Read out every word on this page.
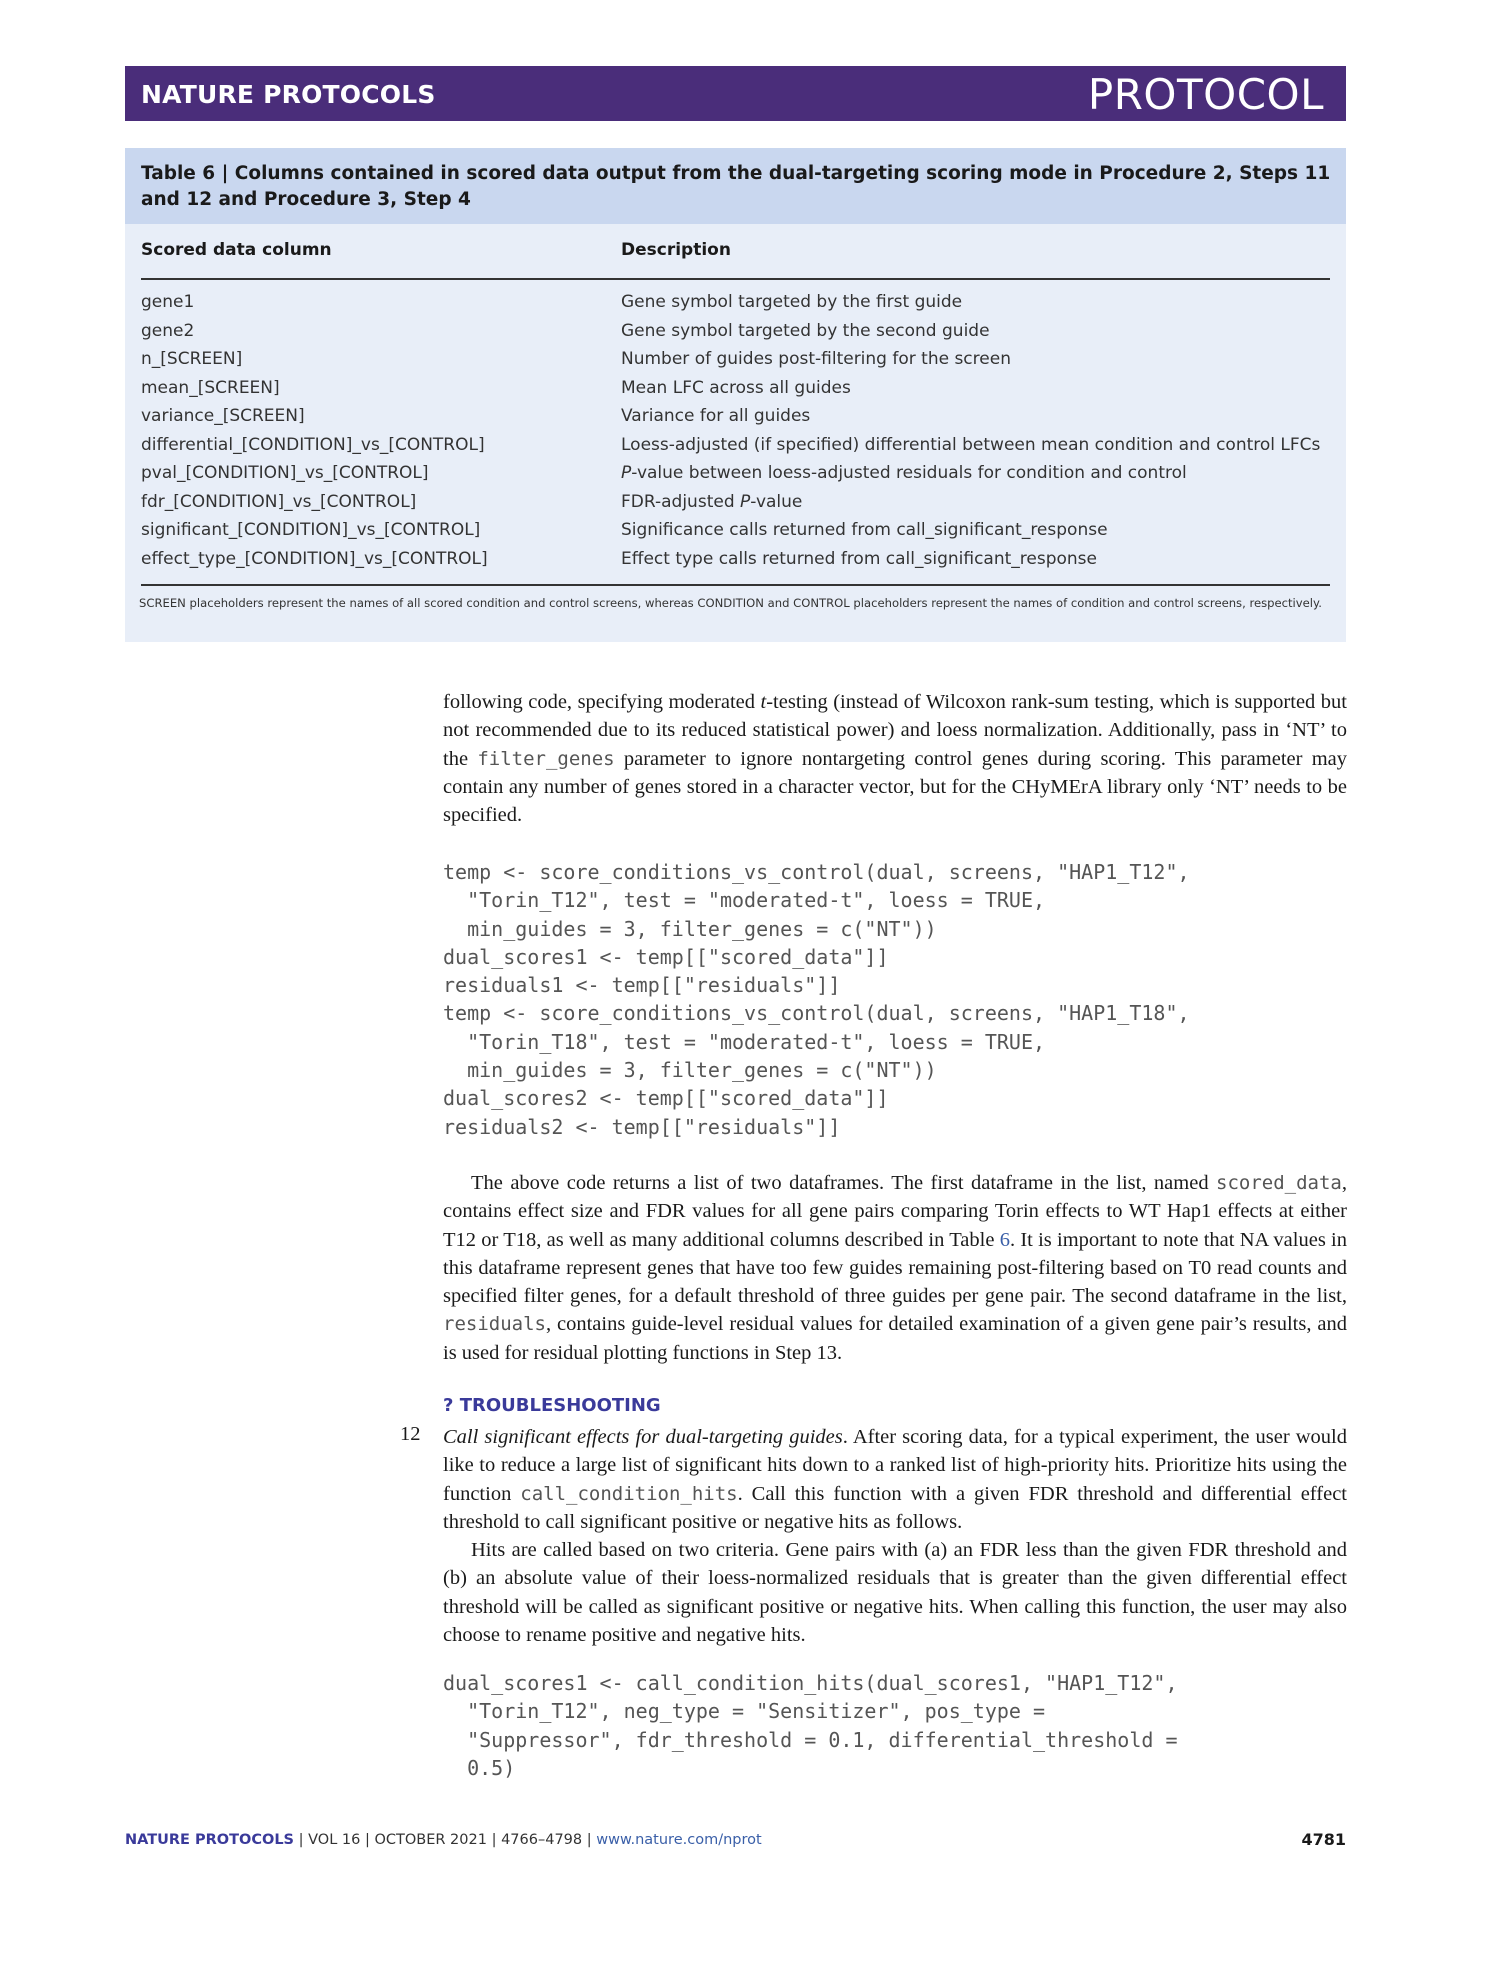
NATURE PROTOCOLS	PROTOCOL
Table 6 | Columns contained in scored data output from the dual-targeting scoring mode in Procedure 2, Steps 11 and 12 and Procedure 3, Step 4
Scored data column	Description
gene1	Gene symbol targeted by the first guide
gene2	Gene symbol targeted by the second guide
n_[SCREEN]	Number of guides post-filtering for the screen
mean_[SCREEN]	Mean LFC across all guides
variance_[SCREEN]	Variance for all guides
differential_[CONDITION]_vs_[CONTROL]	Loess-adjusted (if specified) differential between mean condition and control LFCs
pval_[CONDITION]_vs_[CONTROL]	P-value between loess-adjusted residuals for condition and control
fdr_[CONDITION]_vs_[CONTROL]	FDR-adjusted P-value
significant_[CONDITION]_vs_[CONTROL]	Significance calls returned from call_significant_response
effect_type_[CONDITION]_vs_[CONTROL]	Effect type calls returned from call_significant_response
SCREEN placeholders represent the names of all scored condition and control screens, whereas CONDITION and CONTROL placeholders represent the names of condition and control screens, respectively.

following code, specifying moderated t-testing (instead of Wilcoxon rank-sum testing, which is supported but not recommended due to its reduced statistical power) and loess normalization. Additionally, pass in ‘NT’ to the filter_genes parameter to ignore nontargeting control genes during scoring. This parameter may contain any number of genes stored in a character vector, but for the CHyMErA library only ‘NT’ needs to be specified.

temp <- score_conditions_vs_control(dual, screens, "HAP1_T12",
"Torin_T12", test = "moderated-t", loess = TRUE,
min_guides = 3, filter_genes = c("NT"))
dual_scores1 <- temp[["scored_data"]]
residuals1 <- temp[["residuals"]]
temp <- score_conditions_vs_control(dual, screens, "HAP1_T18",
"Torin_T18", test = "moderated-t", loess = TRUE,
min_guides = 3, filter_genes = c("NT"))
dual_scores2 <- temp[["scored_data"]]
residuals2 <- temp[["residuals"]]

The above code returns a list of two dataframes. The first dataframe in the list, named scored_data, contains effect size and FDR values for all gene pairs comparing Torin effects to WT Hap1 effects at either T12 or T18, as well as many additional columns described in Table 6. It is important to note that NA values in this dataframe represent genes that have too few guides remaining post-filtering based on T0 read counts and specified filter genes, for a default threshold of three guides per gene pair. The second dataframe in the list, residuals, contains guide-level residual values for detailed examination of a given gene pair’s results, and is used for residual plotting functions in Step 13.

? TROUBLESHOOTING
12 Call significant effects for dual-targeting guides. After scoring data, for a typical experiment, the user would like to reduce a large list of significant hits down to a ranked list of high-priority hits. Prioritize hits using the function call_condition_hits. Call this function with a given FDR threshold and differential effect threshold to call significant positive or negative hits as follows.

Hits are called based on two criteria. Gene pairs with (a) an FDR less than the given FDR threshold and (b) an absolute value of their loess-normalized residuals that is greater than the given differential effect threshold will be called as significant positive or negative hits. When calling this function, the user may also choose to rename positive and negative hits.

dual_scores1 <- call_condition_hits(dual_scores1, "HAP1_T12",
"Torin_T12", neg_type = "Sensitizer", pos_type =
"Suppressor", fdr_threshold = 0.1, differential_threshold =
0.5)
NATURE PROTOCOLS | VOL 16 | OCTOBER 2021 | 4766–4798 | www.nature.com/nprot	4781
